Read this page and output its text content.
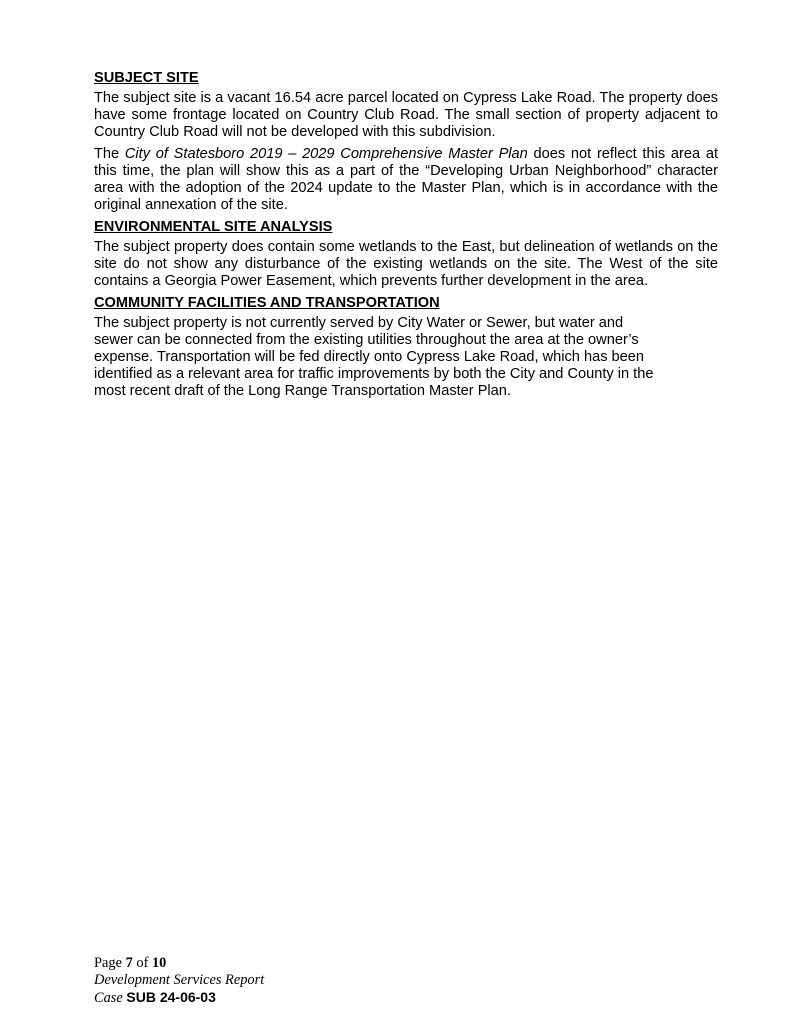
SUBJECT SITE

The subject site is a vacant 16.54 acre parcel located on Cypress Lake Road. The property does have some frontage located on Country Club Road. The small section of property adjacent to Country Club Road will not be developed with this subdivision.

The City of Statesboro 2019 – 2029 Comprehensive Master Plan does not reflect this area at this time, the plan will show this as a part of the “Developing Urban Neighborhood” character area with the adoption of the 2024 update to the Master Plan, which is in accordance with the original annexation of the site.

ENVIRONMENTAL SITE ANALYSIS

The subject property does contain some wetlands to the East, but delineation of wetlands on the site do not show any disturbance of the existing wetlands on the site. The West of the site contains a Georgia Power Easement, which prevents further development in the area.

COMMUNITY FACILITIES AND TRANSPORTATION

The subject property is not currently served by City Water or Sewer, but water and
sewer can be connected from the existing utilities throughout the area at the owner’s
expense. Transportation will be fed directly onto Cypress Lake Road, which has been
identified as a relevant area for traffic improvements by both the City and County in the
most recent draft of the Long Range Transportation Master Plan.

Page 7 of 10
Development Services Report
Case SUB 24-06-03
